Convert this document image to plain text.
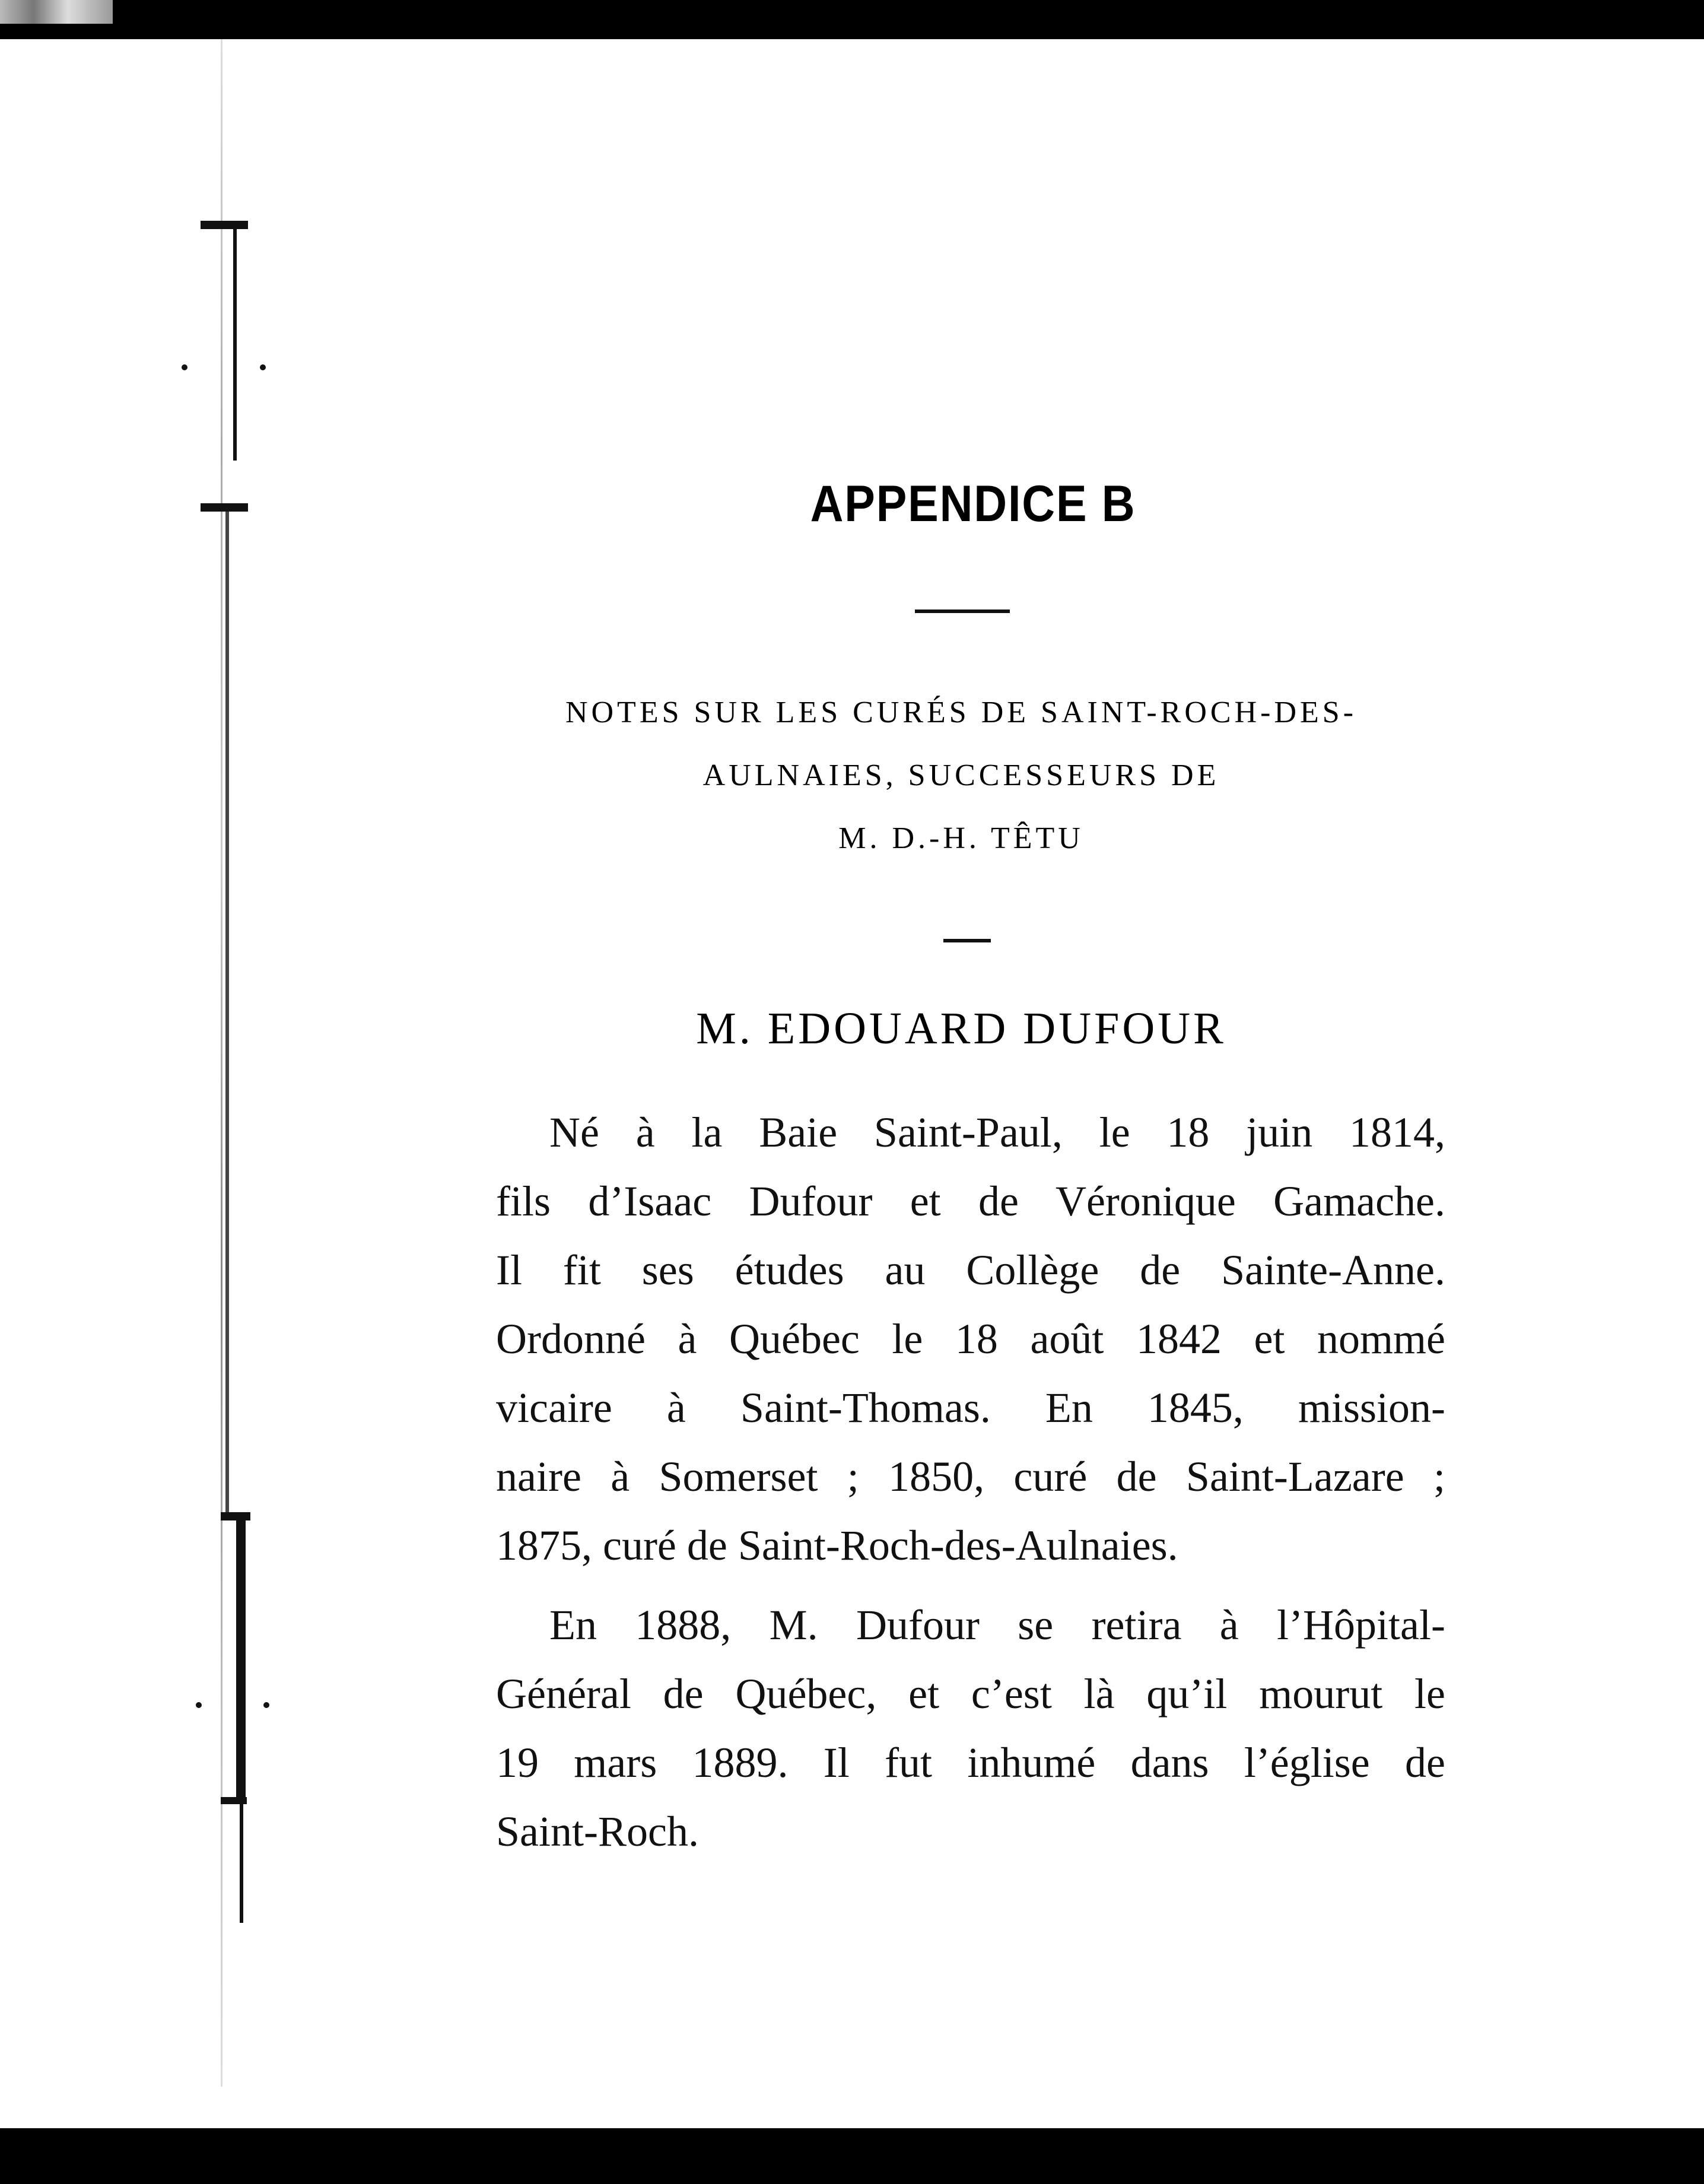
APPENDICE B
NOTES SUR LES CURÉS DE SAINT-ROCH-DES-
AULNAIES, SUCCESSEURS DE
M. D.-H. TÊTU
M. EDOUARD DUFOUR
Né à la Baie Saint-Paul, le 18 juin 1814,
fils d’Isaac Dufour et de Véronique Gamache.
Il fit ses études au Collège de Sainte-Anne.
Ordonné à Québec le 18 août 1842 et nommé
vicaire à Saint-Thomas. En 1845, mission-
naire à Somerset ; 1850, curé de Saint-Lazare ;
1875, curé de Saint-Roch-des-Aulnaies.
En 1888, M. Dufour se retira à l’Hôpital-
Général de Québec, et c’est là qu’il mourut le
19 mars 1889. Il fut inhumé dans l’église de
Saint-Roch.
